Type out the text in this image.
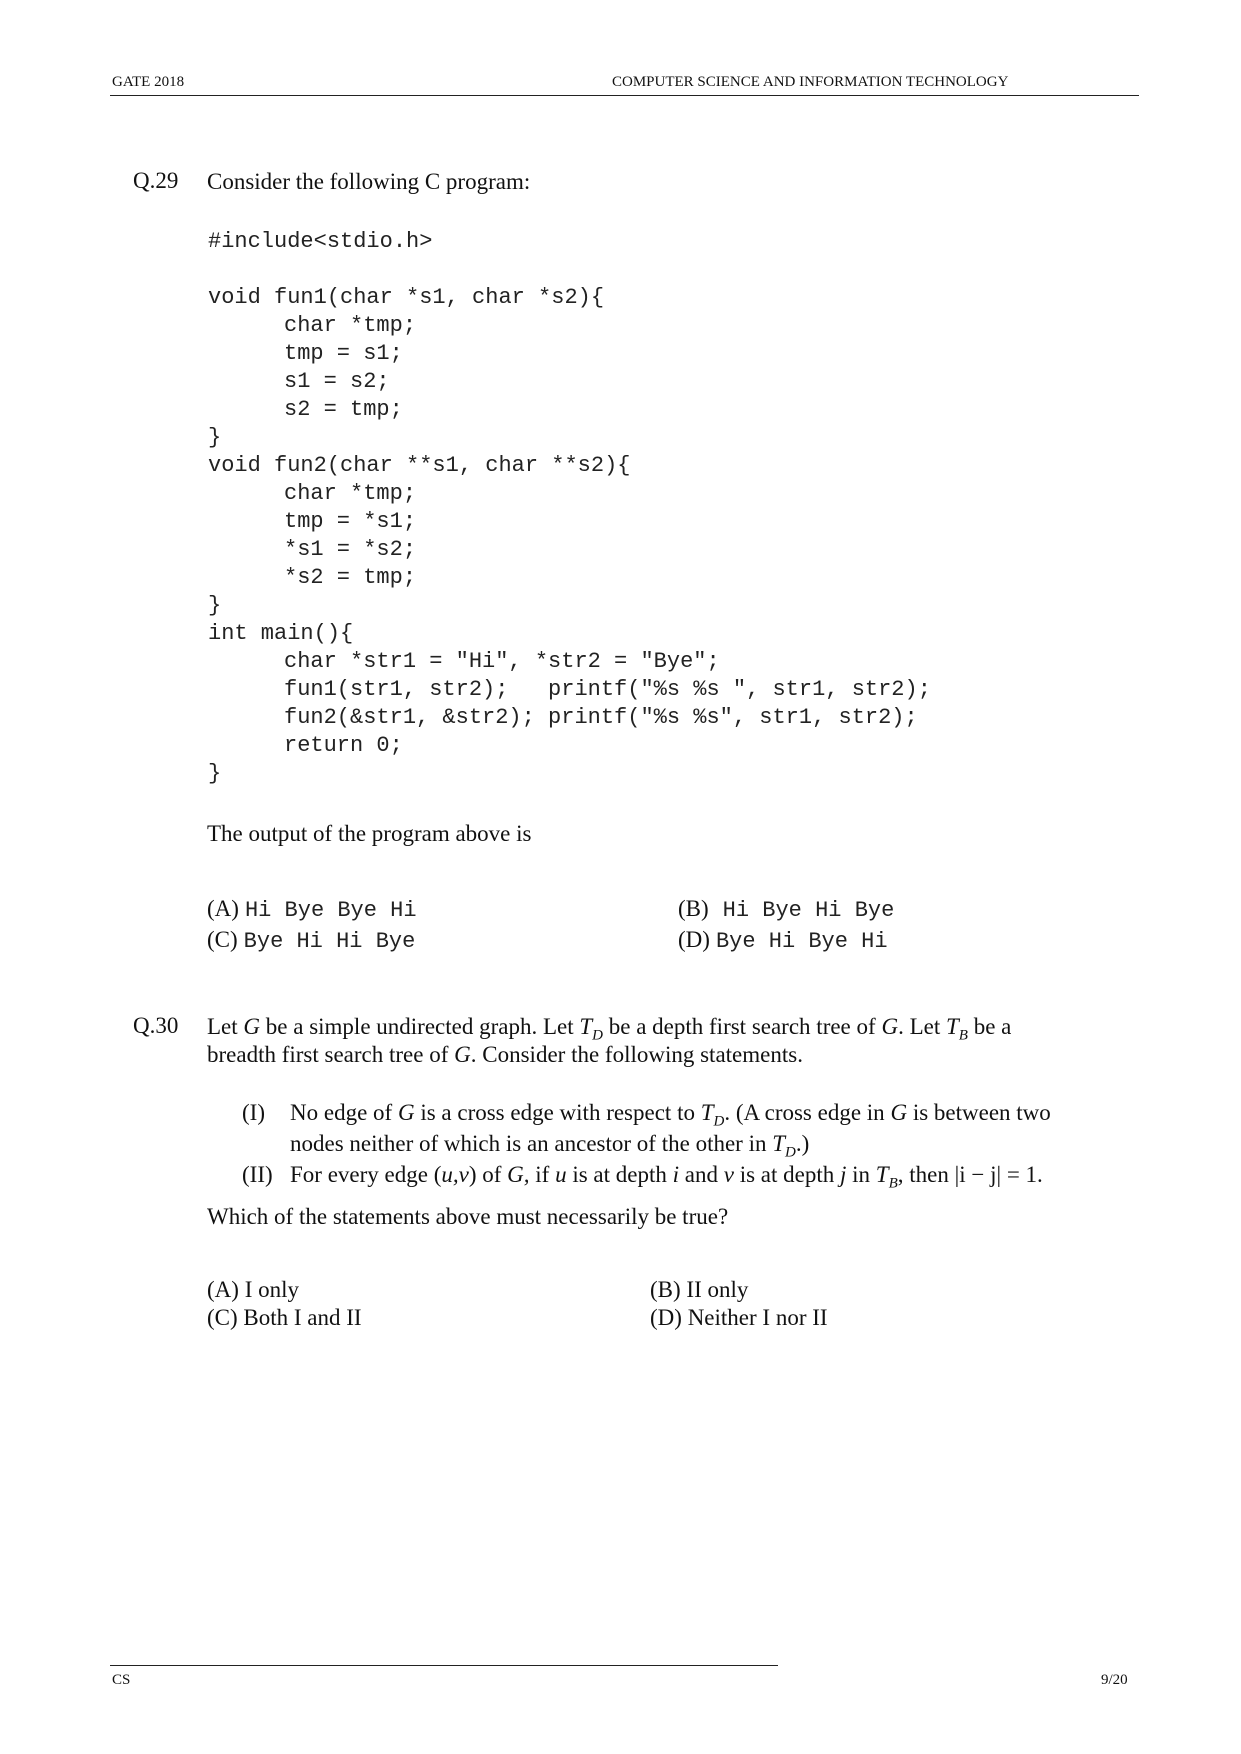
GATE 2018	COMPUTER SCIENCE AND INFORMATION TECHNOLOGY
Q.29 Consider the following C program:

#include<stdio.h>

void fun1(char *s1, char *s2){

char *tmp;

tmp = s1;

s1 = s2;

s2 = tmp;

}

void fun2(char **s1, char **s2){

char *tmp;

tmp = *s1;

*s1 = *s2;

*s2 = tmp;

}

int main(){

char *str1 = "Hi", *str2 = "Bye";

fun1(str1, str2);   printf("%s %s ", str1, str2);

fun2(&str1, &str2); printf("%s %s", str1, str2);

return 0;

}

The output of the program above is
(A) Hi Bye Bye Hi	(B) Hi Bye Hi Bye
(C) Bye Hi Hi Bye	(D) Bye Hi Bye Hi
Q.30 Let G be a simple undirected graph. Let $T_D$ be a depth first search tree of G. Let $T_B$ be a
breadth first search tree of G. Consider the following statements.
(I) No edge of G is a cross edge with respect to $T_D$. (A cross edge in G is between two
nodes neither of which is an ancestor of the other in $T_D$.)
(II) For every edge (u,v) of G, if u is at depth i and v is at depth j in $T_B$, then |i − j| = 1.
Which of the statements above must necessarily be true?
(A) I only	(B) II only
(C) Both I and II	(D) Neither I nor II
CS	9/20
